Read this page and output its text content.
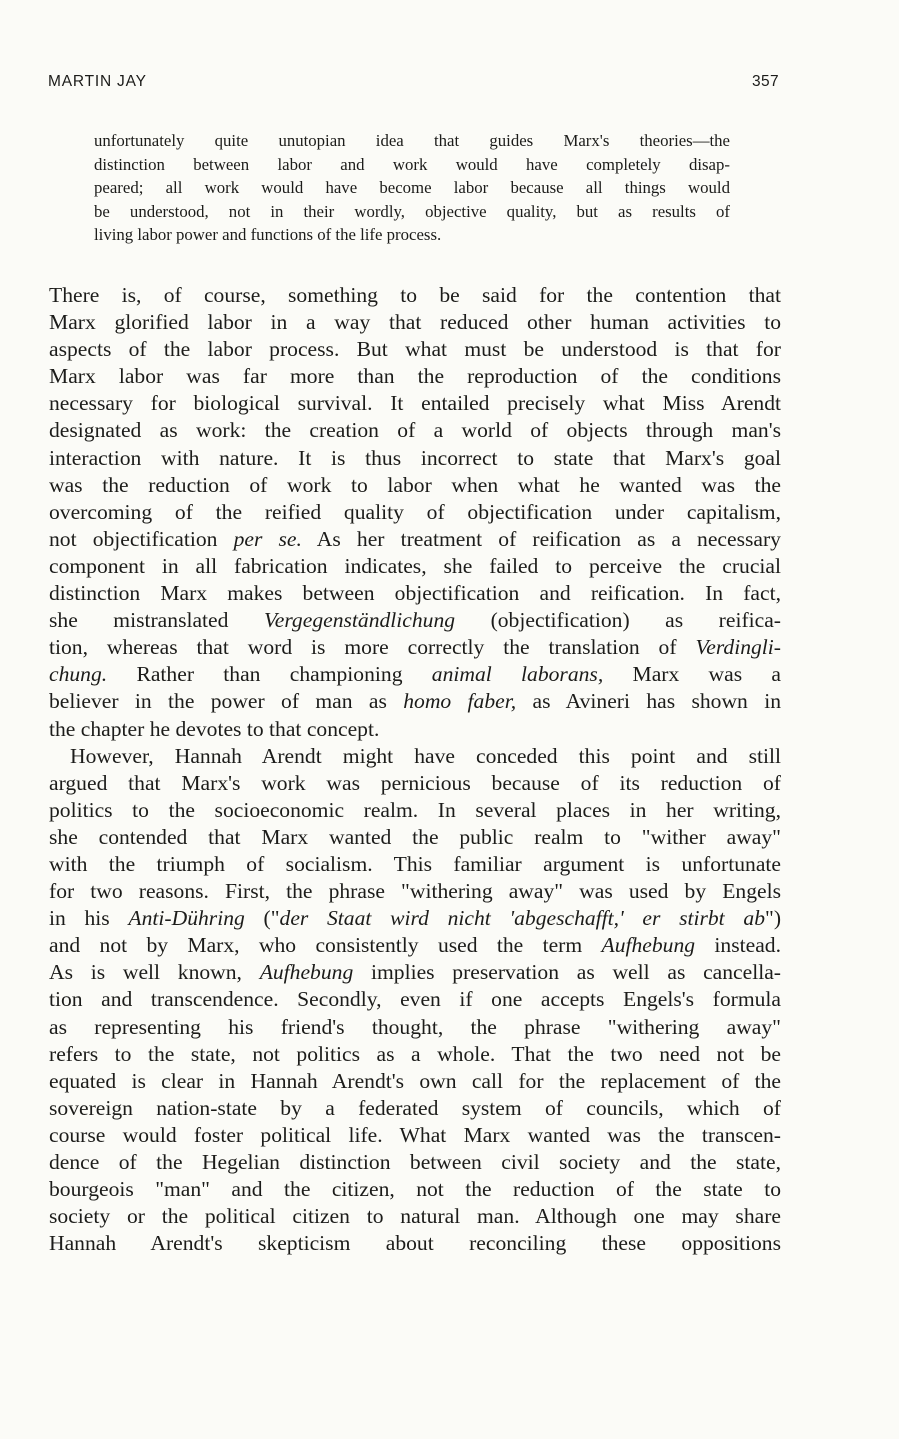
MARTIN JAY	357
unfortunately quite unutopian idea that guides Marx's theories—the
distinction between labor and work would have completely disap-
peared; all work would have become labor because all things would
be understood, not in their wordly, objective quality, but as results of
living labor power and functions of the life process.
There is, of course, something to be said for the contention that
Marx glorified labor in a way that reduced other human activities to
aspects of the labor process. But what must be understood is that for
Marx labor was far more than the reproduction of the conditions
necessary for biological survival. It entailed precisely what Miss Arendt
designated as work: the creation of a world of objects through man's
interaction with nature. It is thus incorrect to state that Marx's goal
was the reduction of work to labor when what he wanted was the
overcoming of the reified quality of objectification under capitalism,
not objectification per se. As her treatment of reification as a necessary
component in all fabrication indicates, she failed to perceive the crucial
distinction Marx makes between objectification and reification. In fact,
she mistranslated Vergegenständlichung (objectification) as reifica-
tion, whereas that word is more correctly the translation of Verdingli-
chung. Rather than championing animal laborans, Marx was a
believer in the power of man as homo faber, as Avineri has shown in
the chapter he devotes to that concept.
However, Hannah Arendt might have conceded this point and still
argued that Marx's work was pernicious because of its reduction of
politics to the socioeconomic realm. In several places in her writing,
she contended that Marx wanted the public realm to "wither away"
with the triumph of socialism. This familiar argument is unfortunate
for two reasons. First, the phrase "withering away" was used by Engels
in his Anti-Dühring ("der Staat wird nicht 'abgeschafft,' er stirbt ab")
and not by Marx, who consistently used the term Aufhebung instead.
As is well known, Aufhebung implies preservation as well as cancella-
tion and transcendence. Secondly, even if one accepts Engels's formula
as representing his friend's thought, the phrase "withering away"
refers to the state, not politics as a whole. That the two need not be
equated is clear in Hannah Arendt's own call for the replacement of the
sovereign nation-state by a federated system of councils, which of
course would foster political life. What Marx wanted was the transcen-
dence of the Hegelian distinction between civil society and the state,
bourgeois "man" and the citizen, not the reduction of the state to
society or the political citizen to natural man. Although one may share
Hannah Arendt's skepticism about reconciling these oppositions
